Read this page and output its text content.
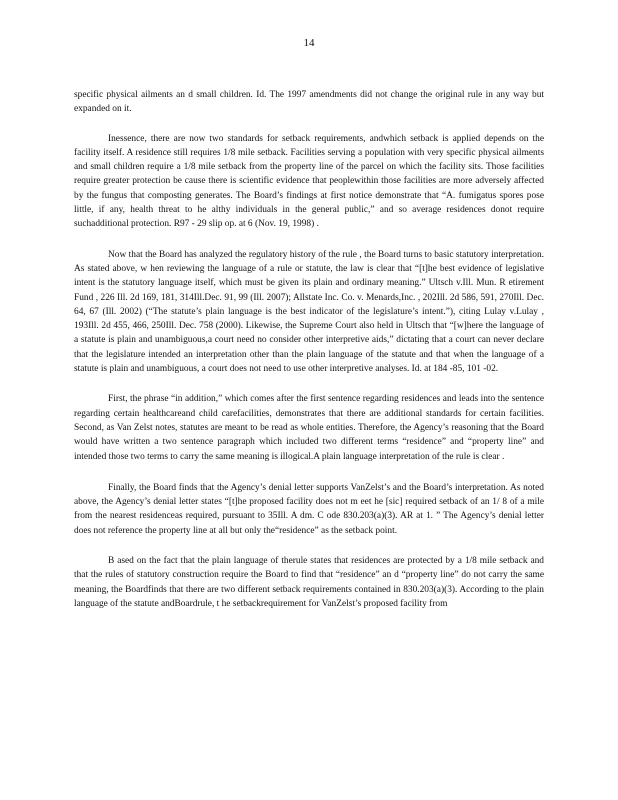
14

specific physical ailments an d small children. Id. The 1997 amendments did not change the original rule in any way but expanded on it.

Inessence, there are now two standards for setback requirements, andwhich setback is applied depends on the facility itself. A residence still requires 1/8 mile setback. Facilities serving a population with very specific physical ailments and small children require a 1/8 mile setback from the property line of the parcel on which the facility sits. Those facilities require greater protection be cause there is scientific evidence that peoplewithin those facilities are more adversely affected by the fungus that composting generates. The Board’s findings at first notice demonstrate that “A. fumigatus spores pose little, if any, health threat to he althy individuals in the general public,” and so average residences donot require suchadditional protection. R97 - 29 slip op. at 6 (Nov. 19, 1998) .

Now that the Board has analyzed the regulatory history of the rule , the Board turns to basic statutory interpretation. As stated above, w hen reviewing the language of a rule or statute, the law is clear that “[t]he best evidence of legislative intent is the statutory language itself, which must be given its plain and ordinary meaning.” Ultsch v.Ill. Mun. R etirement Fund , 226 Ill. 2d 169, 181, 314Ill.Dec. 91, 99 (Ill. 2007); Allstate Inc. Co. v. Menards,Inc. , 202Ill. 2d 586, 591, 270Ill. Dec. 64, 67 (Ill. 2002) (“The statute’s plain language is the best indicator of the legislature’s intent.”), citing Lulay v.Lulay , 193Ill. 2d 455, 466, 250Ill. Dec. 758 (2000). Likewise, the Supreme Court also held in Ultsch that “[w]here the language of a statute is plain and unambiguous,a court need no consider other interpretive aids,” dictating that a court can never declare that the legislature intended an interpretation other than the plain language of the statute and that when the language of a statute is plain and unambiguous, a court does not need to use other interpretive analyses. Id. at 184 -85, 101 -02.

First, the phrase “in addition,” which comes after the first sentence regarding residences and leads into the sentence regarding certain healthcareand child carefacilities, demonstrates that there are additional standards for certain facilities. Second, as Van Zelst notes, statutes are meant to be read as whole entities. Therefore, the Agency’s reasoning that the Board would have written a two sentence paragraph which included two different terms “residence” and “property line” and intended those two terms to carry the same meaning is illogical.A plain language interpretation of the rule is clear .

Finally, the Board finds that the Agency’s denial letter supports VanZelst’s and the Board’s interpretation. As noted above, the Agency’s denial letter states “[t]he proposed facility does not m eet he [sic] required setback of an 1/ 8 of a mile from the nearest residenceas required, pursuant to 35Ill. A dm. C ode 830.203(a)(3). AR at 1. ” The Agency’s denial letter does not reference the property line at all but only the“residence” as the setback point.

B ased on the fact that the plain language of therule states that residences are protected by a 1/8 mile setback and that the rules of statutory construction require the Board to find that “residence” an d “property line” do not carry the same meaning, the Boardfinds that there are two different setback requirements contained in 830.203(a)(3). According to the plain language of the statute andBoardrule, t he setbackrequirement for VanZelst’s proposed facility from
